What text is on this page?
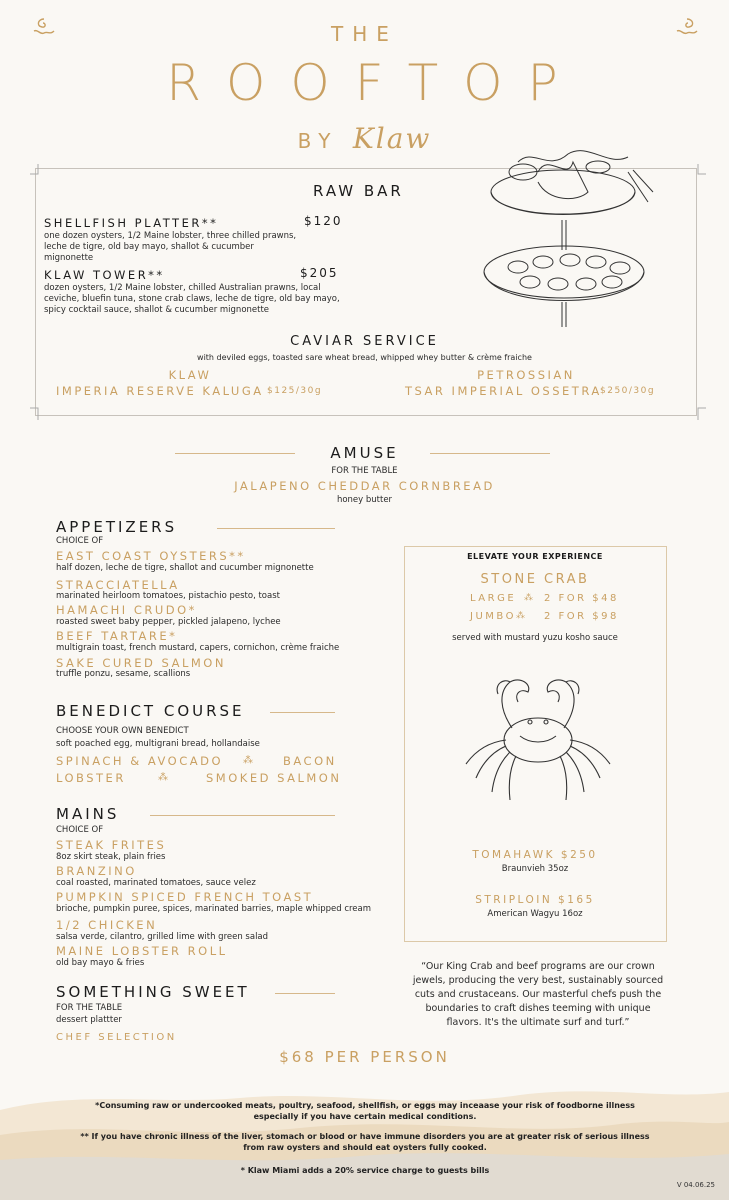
THE
ROOFTOP
BY Klaw
RAW BAR
SHELLFISH PLATTER**	$120
one dozen oysters, 1/2 Maine lobster, three chilled prawns, leche de tigre, old bay mayo, shallot & cucumber mignonette
KLAW TOWER**	$205
dozen oysters, 1/2 Maine lobster, chilled Australian prawns, local ceviche, bluefin tuna, stone crab claws, leche de tigre, old bay mayo, spicy cocktail sauce, shallot & cucumber mignonette
CAVIAR SERVICE
with deviled eggs, toasted sare wheat bread, whipped whey butter & crème fraiche
KLAW
IMPERIA RESERVE KALUGA $125/30g
PETROSSIAN
TSAR IMPERIAL OSSETRA
$250/30g
AMUSE
FOR THE TABLE
JALAPENO CHEDDAR CORNBREAD
honey butter
APPETIZERS
CHOICE OF
EAST COAST OYSTERS**
half dozen, leche de tigre, shallot and cucumber mignonette
STRACCIATELLA
marinated heirloom tomatoes, pistachio pesto, toast
HAMACHI CRUDO*
roasted sweet baby pepper, pickled jalapeno, lychee
BEEF TARTARE*
multigrain toast, french mustard, capers, cornichon, crème fraiche
SAKE CURED SALMON
truffle ponzu, sesame, scallions
BENEDICT COURSE
CHOOSE YOUR OWN BENEDICT
soft poached egg, multigrani bread, hollandaise
SPINACH & AVOCADO ⁂	BACON
LOBSTER	⁂	SMOKED SALMON
MAINS
CHOICE OF
STEAK FRITES
8oz skirt steak, plain fries
BRANZINO
coal roasted, marinated tomatoes, sauce velez
PUMPKIN SPICED FRENCH TOAST
brioche, pumpkin puree, spices, marinated barries, maple whipped cream
1/2 CHICKEN
salsa verde, cilantro, grilled lime with green salad
MAINE LOBSTER ROLL
old bay mayo & fries
SOMETHING SWEET
FOR THE TABLE
dessert plattter
CHEF SELECTION
ELEVATE YOUR EXPERIENCE
STONE CRAB
LARGE ⁂ 2 FOR $48
JUMBO ⁂ 2 FOR $98
served with mustard yuzu kosho sauce
TOMAHAWK $250
Braunvieh 35oz
STRIPLOIN $165
American Wagyu 16oz
“Our King Crab and beef programs are our crown jewels, producing the very best, sustainably sourced cuts and crustaceans. Our masterful chefs push the boundaries to craft dishes teeming with unique flavors. It's the ultimate surf and turf.”
$68 PER PERSON
*Consuming raw or undercooked meats, poultry, seafood, shellfish, or eggs may inceaase your risk of foodborne illness especially if you have certain medical conditions.
** If you have chronic illness of the liver, stomach or blood or have immune disorders you are at greater risk of serious illness from raw oysters and should eat oysters fully cooked.
* Klaw Miami adds a 20% service charge to guests bills
V 04.06.25
